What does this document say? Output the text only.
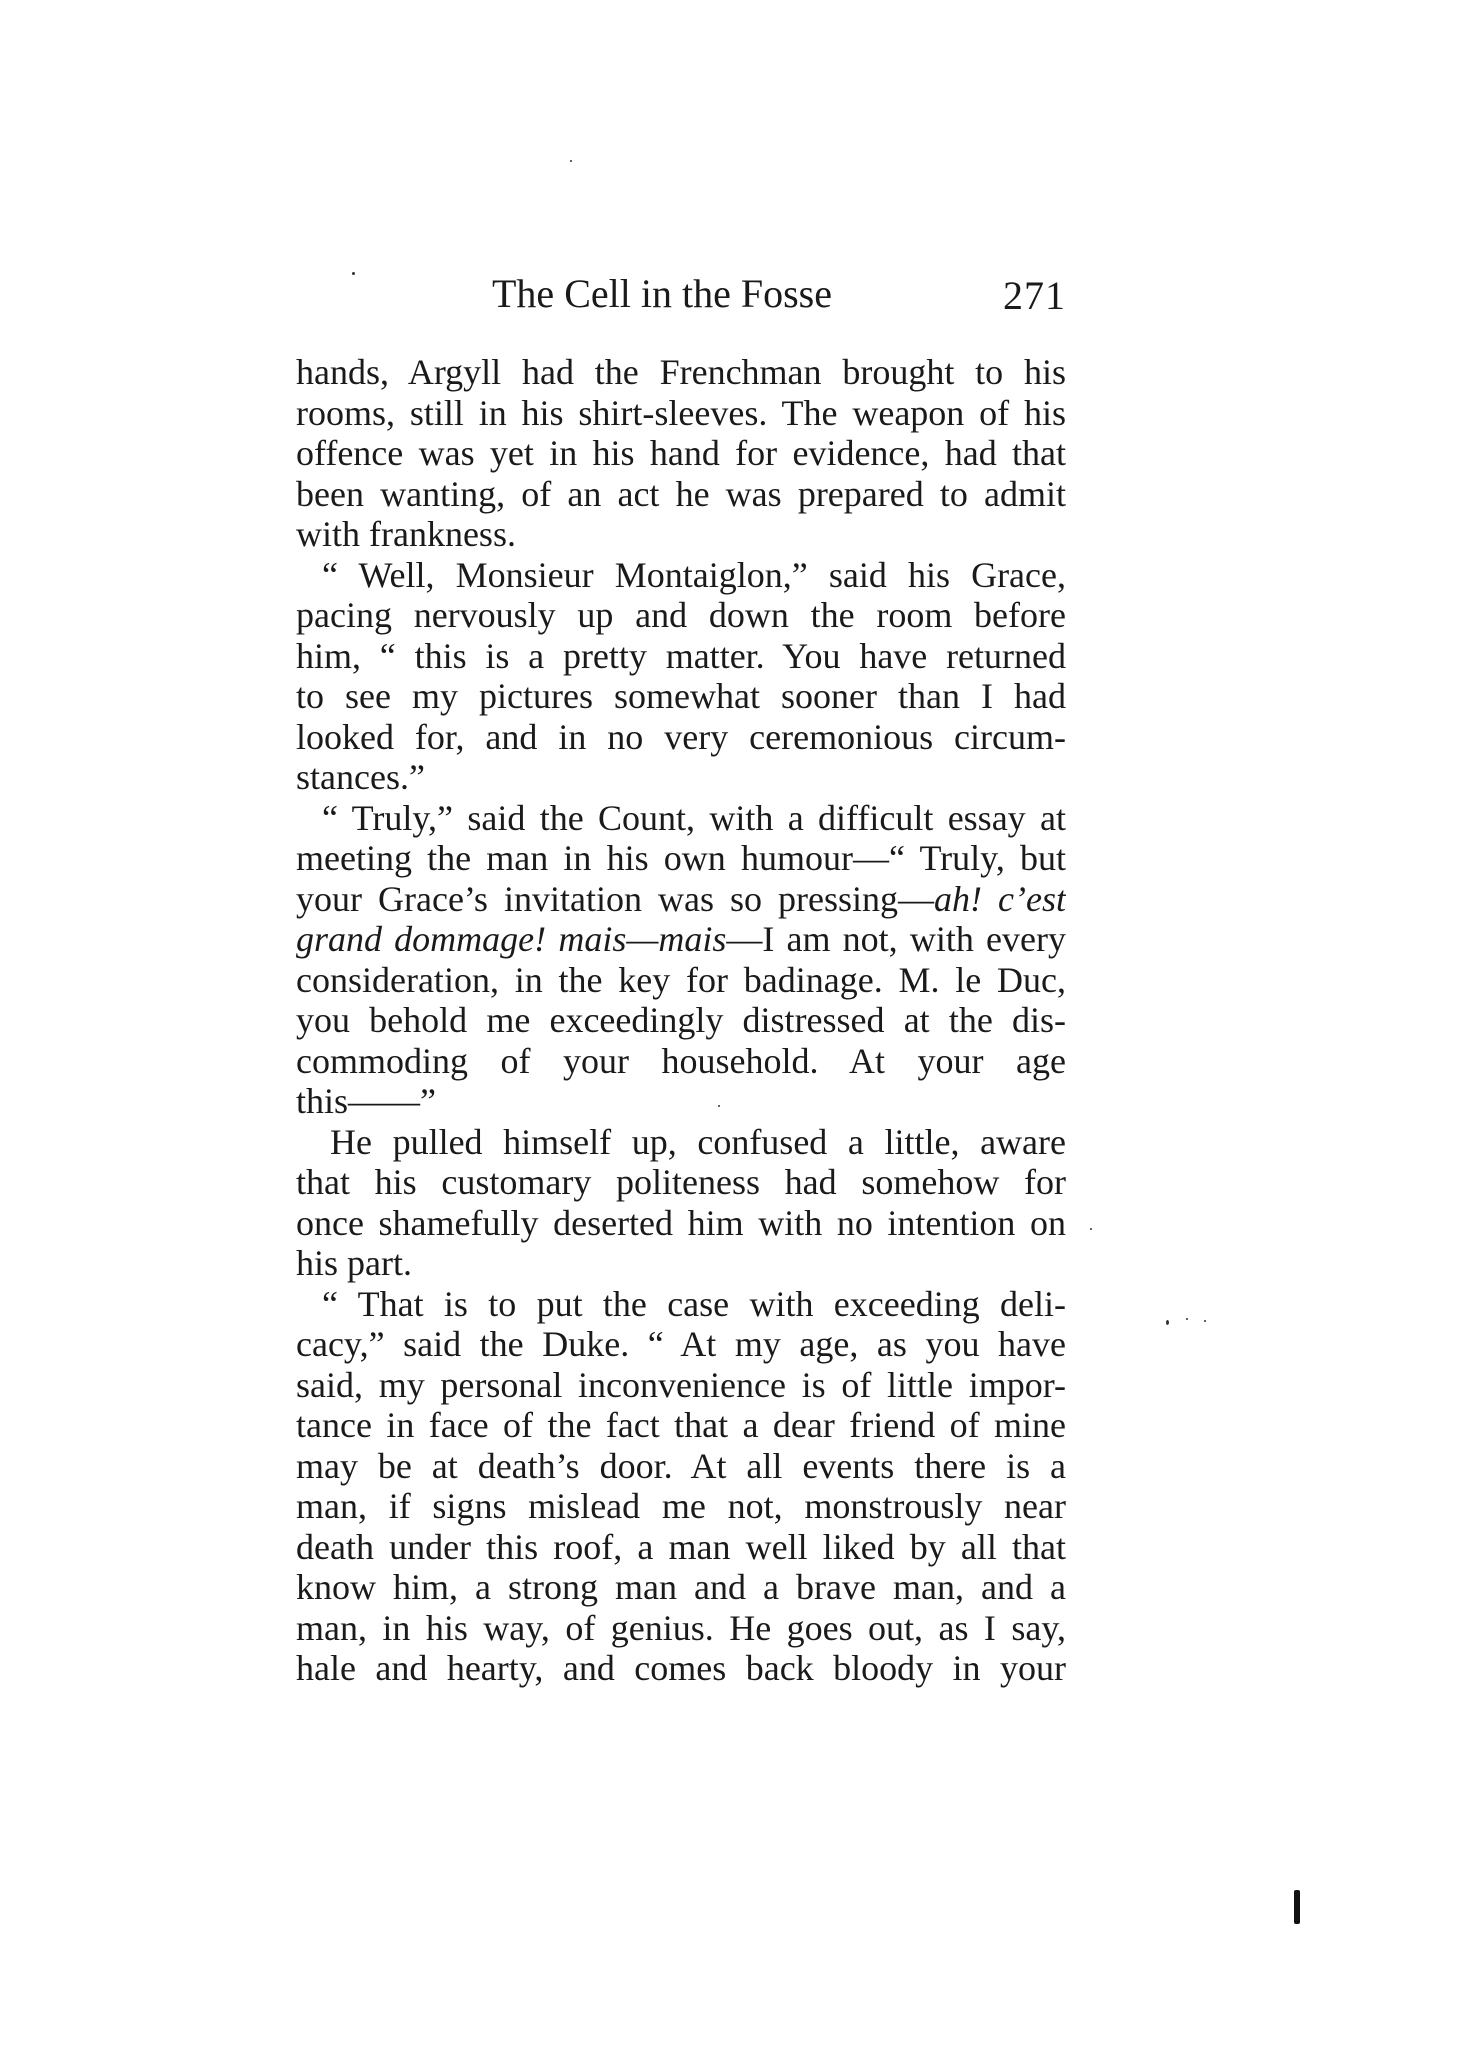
The Cell in the Fosse	271
hands, Argyll had the Frenchman brought to his
rooms, still in his shirt-sleeves. The weapon of his
offence was yet in his hand for evidence, had that
been wanting, of an act he was prepared to admit
with frankness.
“ Well, Monsieur Montaiglon,” said his Grace,
pacing nervously up and down the room before
him, “ this is a pretty matter. You have returned
to see my pictures somewhat sooner than I had
looked for, and in no very ceremonious circum-
stances.”
“ Truly,” said the Count, with a difficult essay at
meeting the man in his own humour—“ Truly, but
your Grace’s invitation was so pressing—ah! c’est
grand dommage! mais—mais—I am not, with every
consideration, in the key for badinage. M. le Duc,
you behold me exceedingly distressed at the dis-
commoding of your household. At your age
this——”
He pulled himself up, confused a little, aware
that his customary politeness had somehow for
once shamefully deserted him with no intention on
his part.
“ That is to put the case with exceeding deli-
cacy,” said the Duke. “ At my age, as you have
said, my personal inconvenience is of little impor-
tance in face of the fact that a dear friend of mine
may be at death’s door. At all events there is a
man, if signs mislead me not, monstrously near
death under this roof, a man well liked by all that
know him, a strong man and a brave man, and a
man, in his way, of genius. He goes out, as I say,
hale and hearty, and comes back bloody in your
